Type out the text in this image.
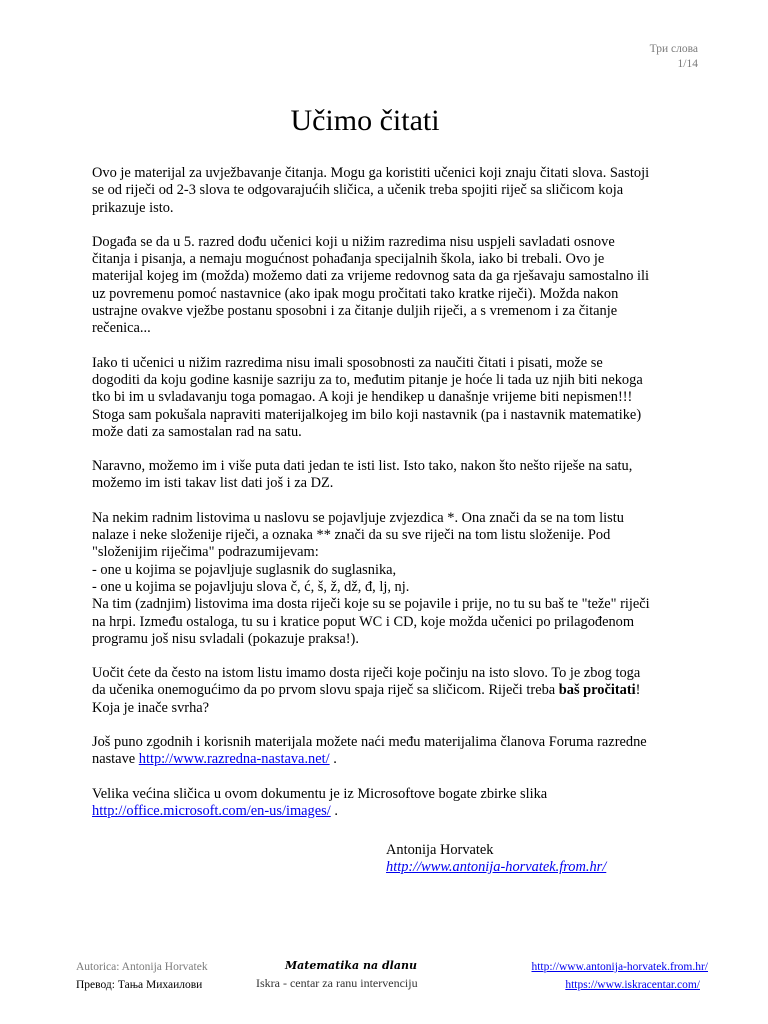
Три слова
1/14
Učimo čitati

Ovo je materijal za uvježbavanje čitanja. Mogu ga koristiti učenici koji znaju čitati slova. Sastoji se od riječi od 2-3 slova te odgovarajućih sličica, a učenik treba spojiti riječ sa sličicom koja prikazuje isto.

Događa se da u 5. razred dođu učenici koji u nižim razredima nisu uspjeli savladati osnove čitanja i pisanja, a nemaju mogućnost pohađanja specijalnih škola, iako bi trebali. Ovo je materijal kojeg im (možda) možemo dati za vrijeme redovnog sata da ga rješavaju samostalno ili uz povremenu pomoć nastavnice (ako ipak mogu pročitati tako kratke riječi). Možda nakon ustrajne ovakve vježbe postanu sposobni i za čitanje duljih riječi, a s vremenom i za čitanje rečenica...

Iako ti učenici u nižim razredima nisu imali sposobnosti za naučiti čitati i pisati, može se dogoditi da koju godine kasnije sazriju za to, međutim pitanje je hoće li tada uz njih biti nekoga tko bi im u svladavanju toga pomagao. A koji je hendikep u današnje vrijeme biti nepismen!!! Stoga sam pokušala napraviti materijalkojeg im bilo koji nastavnik (pa i nastavnik matematike) može dati za samostalan rad na satu.

Naravno, možemo im i više puta dati jedan te isti list. Isto tako, nakon što nešto riješe na satu, možemo im isti takav list dati još i za DZ.

Na nekim radnim listovima u naslovu se pojavljuje zvjezdica *. Ona znači da se na tom listu nalaze i neke složenije riječi, a oznaka ** znači da su sve riječi na tom listu složenije. Pod "složenijim riječima" podrazumijevam:
- one u kojima se pojavljuje suglasnik do suglasnika,
- one u kojima se pojavljuju slova č, ć, š, ž, dž, đ, lj, nj.
Na tim (zadnjim) listovima ima dosta riječi koje su se pojavile i prije, no tu su baš te "teže" riječi na hrpi. Između ostaloga, tu su i kratice poput WC i CD, koje možda učenici po prilagođenom programu još nisu svladali (pokazuje praksa!).

Uočit ćete da često na istom listu imamo dosta riječi koje počinju na isto slovo. To je zbog toga da učenika onemogućimo da po prvom slovu spaja riječ sa sličicom. Riječi treba baš pročitati! Koja je inače svrha?

Još puno zgodnih i korisnih materijala možete naći među materijalima članova Foruma razredne nastave http://www.razredna-nastava.net/ .

Velika većina sličica u ovom dokumentu je iz Microsoftove bogate zbirke slika http://office.microsoft.com/en-us/images/ .

Antonija Horvatek
http://www.antonija-horvatek.from.hr/
Autorica: Antonija Horvatek
Превод: Тања Михаилови
Matematika na dlanu
Iskra - centar za ranu intervenciju
http://www.antonija-horvatek.from.hr/
https://www.iskracentar.com/
